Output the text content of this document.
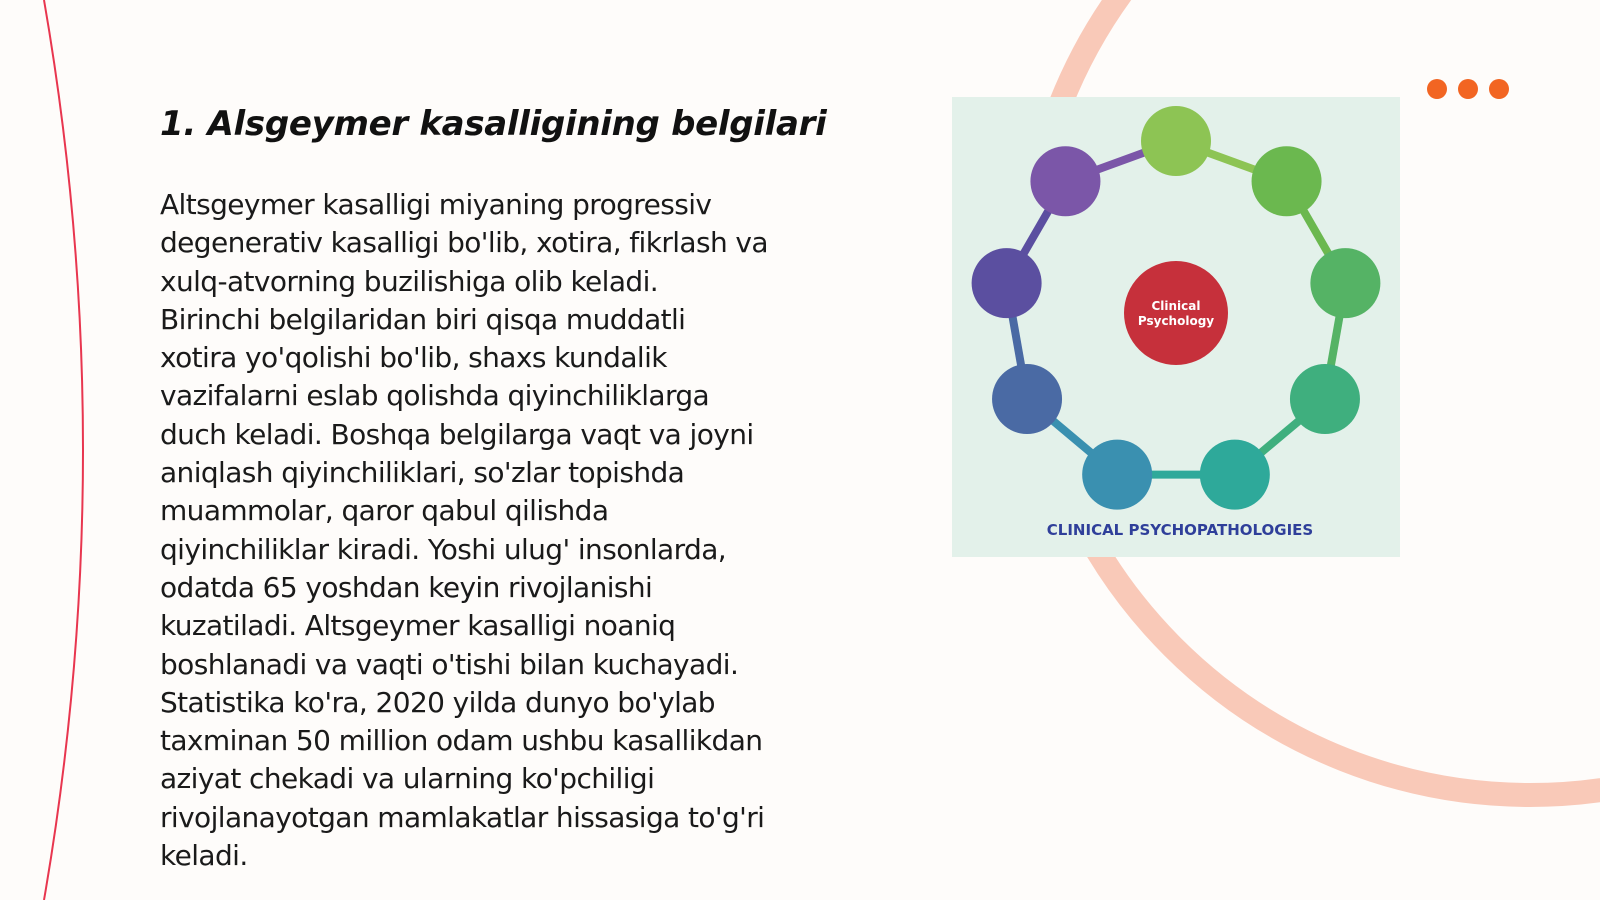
1. Alsgeymer kasalligining belgilari

Altsgeymer kasalligi miyaning progressiv
degenerativ kasalligi bo'lib, xotira, fikrlash va
xulq-atvorning buzilishiga olib keladi.
Birinchi belgilaridan biri qisqa muddatli
xotira yo'qolishi bo'lib, shaxs kundalik
vazifalarni eslab qolishda qiyinchiliklarga
duch keladi. Boshqa belgilarga vaqt va joyni
aniqlash qiyinchiliklari, so'zlar topishda
muammolar, qaror qabul qilishda
qiyinchiliklar kiradi. Yoshi ulug' insonlarda,
odatda 65 yoshdan keyin rivojlanishi
kuzatiladi. Altsgeymer kasalligi noaniq
boshlanadi va vaqti o'tishi bilan kuchayadi.
Statistika ko'ra, 2020 yilda dunyo bo'ylab
taxminan 50 million odam ushbu kasallikdan
aziyat chekadi va ularning ko'pchiligi
rivojlanayotgan mamlakatlar hissasiga to'g'ri
keladi.

Clinical
Psychology
CLINICAL PSYCHOPATHOLOGIES
